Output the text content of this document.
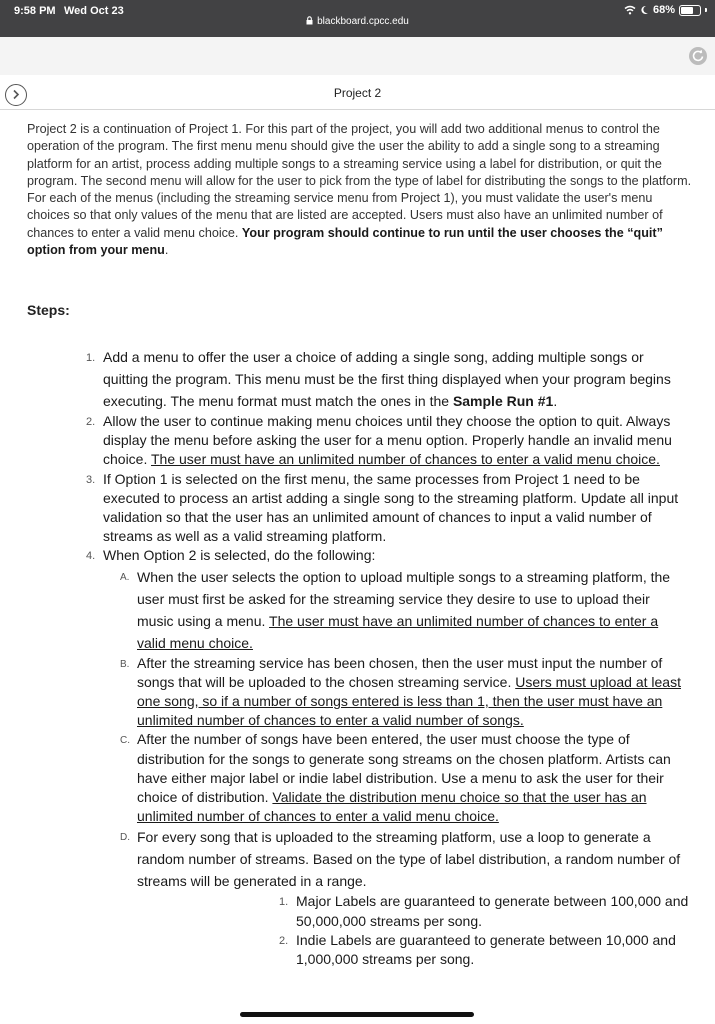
9:58 PM Wed Oct 23	68%
blackboard.cpcc.edu
Project 2
Project 2 is a continuation of Project 1. For this part of the project, you will add two additional menus to control the operation of the program. The first menu menu should give the user the ability to add a single song to a streaming platform for an artist, process adding multiple songs to a streaming service using a label for distribution, or quit the program. The second menu will allow for the user to pick from the type of label for distributing the songs to the platform. For each of the menus (including the streaming service menu from Project 1), you must validate the user's menu choices so that only values of the menu that are listed are accepted. Users must also have an unlimited number of chances to enter a valid menu choice. Your program should continue to run until the user chooses the “quit” option from your menu.
Steps:
1. Add a menu to offer the user a choice of adding a single song, adding multiple songs or quitting the program. This menu must be the first thing displayed when your program begins executing. The menu format must match the ones in the Sample Run #1.
2. Allow the user to continue making menu choices until they choose the option to quit. Always display the menu before asking the user for a menu option. Properly handle an invalid menu choice. The user must have an unlimited number of chances to enter a valid menu choice.
3. If Option 1 is selected on the first menu, the same processes from Project 1 need to be executed to process an artist adding a single song to the streaming platform. Update all input validation so that the user has an unlimited amount of chances to input a valid number of streams as well as a valid streaming platform.
4. When Option 2 is selected, do the following:
A. When the user selects the option to upload multiple songs to a streaming platform, the user must first be asked for the streaming service they desire to use to upload their music using a menu. The user must have an unlimited number of chances to enter a valid menu choice.
B. After the streaming service has been chosen, then the user must input the number of songs that will be uploaded to the chosen streaming service. Users must upload at least one song, so if a number of songs entered is less than 1, then the user must have an unlimited number of chances to enter a valid number of songs.
C. After the number of songs have been entered, the user must choose the type of distribution for the songs to generate song streams on the chosen platform. Artists can have either major label or indie label distribution. Use a menu to ask the user for their choice of distribution. Validate the distribution menu choice so that the user has an unlimited number of chances to enter a valid menu choice.
D. For every song that is uploaded to the streaming platform, use a loop to generate a random number of streams. Based on the type of label distribution, a random number of streams will be generated in a range.
1. Major Labels are guaranteed to generate between 100,000 and 50,000,000 streams per song.
2. Indie Labels are guaranteed to generate between 10,000 and 1,000,000 streams per song.
